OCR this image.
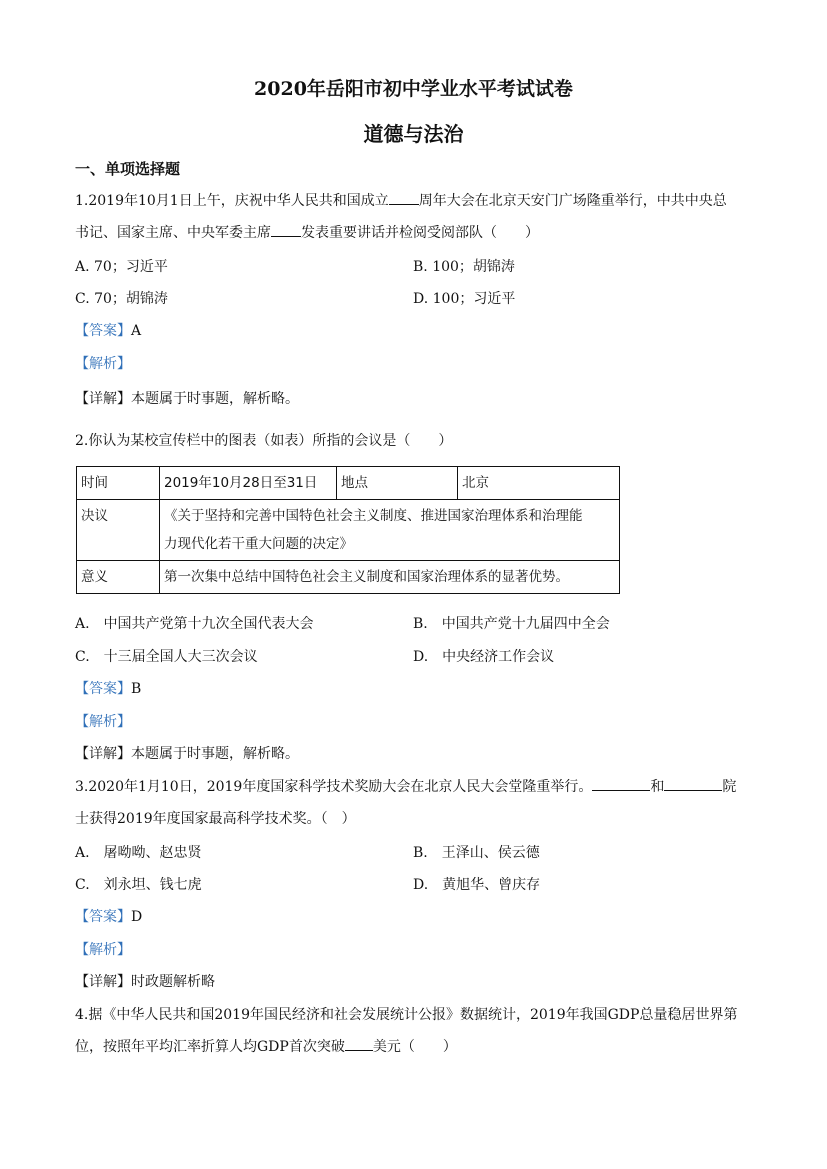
2020年岳阳市初中学业水平考试试卷
道德与法治
一、单项选择题
1.2019年10月1日上午，庆祝中华人民共和国成立 周年大会在北京天安门广场隆重举行，中共中央总
书记、国家主席、中央军委主席 发表重要讲话并检阅受阅部队（　　）
A. 70；习近平	B. 100；胡锦涛
C. 70；胡锦涛	D. 100；习近平
【答案】A
【解析】
【详解】本题属于时事题，解析略。
2.你认为某校宣传栏中的图表（如表）所指的会议是（　　）
时间	2019年10月28日至31日	地点	北京
决议	《关于坚持和完善中国特色社会主义制度、推进国家治理体系和治理能
力现代化若干重大问题的决定》		

意义	第一次集中总结中国特色社会主义制度和国家治理体系的显著优势。		
A.　中国共产党第十九次全国代表大会	B.　中国共产党十九届四中全会
C.　十三届全国人大三次会议	D.　中央经济工作会议
【答案】B
【解析】
【详解】本题属于时事题，解析略。
3.2020年1月10日，2019年度国家科学技术奖励大会在北京人民大会堂隆重举行。	和	院
士获得2019年度国家最高科学技术奖。（　）
A.　屠呦呦、赵忠贤	B.　王泽山、侯云德
C.　刘永坦、钱七虎	D.　黄旭华、曾庆存
【答案】D
【解析】
【详解】时政题解析略
4.据《中华人民共和国2019年国民经济和社会发展统计公报》数据统计，2019年我国GDP总量稳居世界第
位，按照年平均汇率折算人均GDP首次突破 美元（　　）
